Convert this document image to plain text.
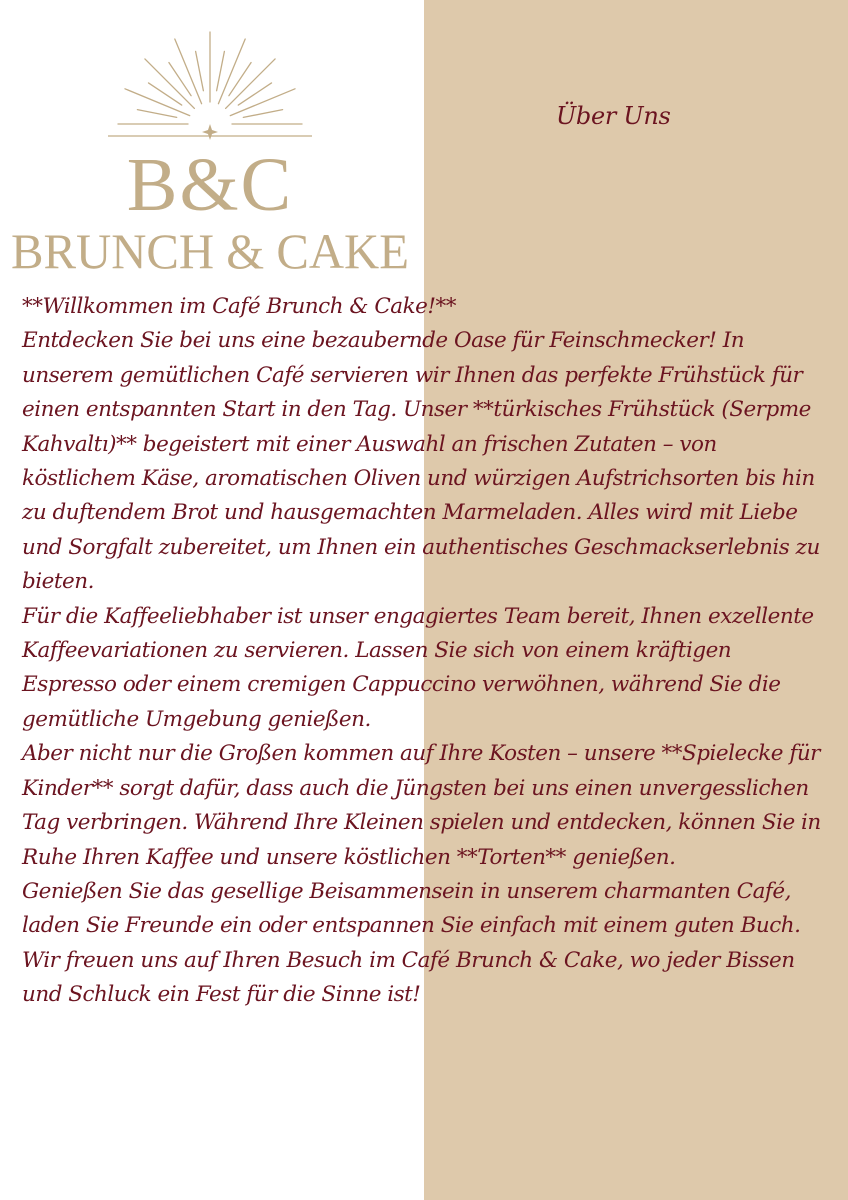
B&C
BRUNCH & CAKE
Über Uns

**Willkommen im Café Brunch & Cake!**

Entdecken Sie bei uns eine bezaubernde Oase für Feinschmecker! In unserem gemütlichen Café servieren wir Ihnen das perfekte Frühstück für einen entspannten Start in den Tag. Unser **türkisches Frühstück (Serpme Kahvaltı)** begeistert mit einer Auswahl an frischen Zutaten – von köstlichem Käse, aromatischen Oliven und würzigen Aufstrichsorten bis hin zu duftendem Brot und hausgemachten Marmeladen. Alles wird mit Liebe und Sorgfalt zubereitet, um Ihnen ein authentisches Geschmackserlebnis zu bieten.

Für die Kaffeeliebhaber ist unser engagiertes Team bereit, Ihnen exzellente Kaffeevariationen zu servieren. Lassen Sie sich von einem kräftigen Espresso oder einem cremigen Cappuccino verwöhnen, während Sie die gemütliche Umgebung genießen.

Aber nicht nur die Großen kommen auf Ihre Kosten – unsere **Spielecke für Kinder** sorgt dafür, dass auch die Jüngsten bei uns einen unvergesslichen Tag verbringen. Während Ihre Kleinen spielen und entdecken, können Sie in Ruhe Ihren Kaffee und unsere köstlichen **Torten** genießen.

Genießen Sie das gesellige Beisammensein in unserem charmanten Café, laden Sie Freunde ein oder entspannen Sie einfach mit einem guten Buch. Wir freuen uns auf Ihren Besuch im Café Brunch & Cake, wo jeder Bissen und Schluck ein Fest für die Sinne ist!
